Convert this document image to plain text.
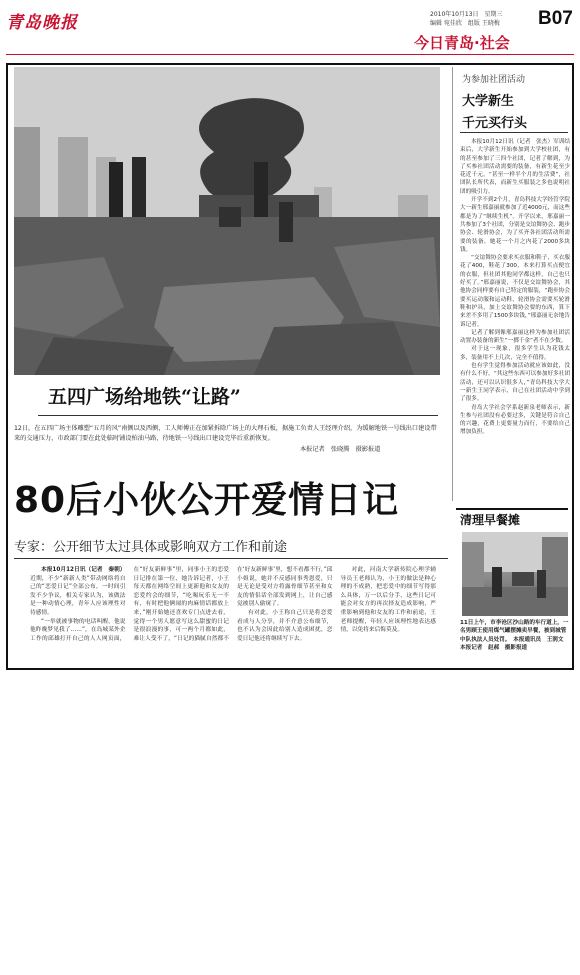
青岛晚报	2010年10月13日　星期三
编辑 宛佳欣　组版 王晓梅 B07
今日青岛·社会
五四广场给地铁“让路”
12日，在五四广场主体雕塑“五月的风”南侧以及西侧，工人师傅正在加紧拆除广场上的大理石板，据施工负责人王经理介绍，为缓解地铁一号线出口建设带来的交通压力，市政部门要在此处临时铺设柏油马路，待地铁一号线出口建设完毕后重新恢复。
本报记者　张晓腾　摄影报道
为参加社团活动
大学新生
千元买行头

本报10月12日讯（记者　张杰）军训结束后，大学新生开始参加到大学校社团，有的甚至参加了三四个社团，记者了解到，为了买参社团活动需要的装备，有新生花至少花近千元，“甚至一样半个月的生活费”，社团队长所代表，而新生买服装之多也说明社团的吸引力。

开学不到2个月，青岛科技大学经管学院大一新生邢嘉丽就参加了近4000元，而这些都是为了“继续生机”。开学以来，邢嘉丽一共参加了3个社团，分别是交谊舞协会、跑步协会、轮滑协会，为了买齐各社团活动所需要的装备，她花一个月之内花了2000多块钱。

“交谊舞协会要求买衣服和鞋子，买衣服花了400，鞋花了300，本来打算买点便宜的衣服，但社团其他同学都这样，自己也只好买了。”邢嘉丽说，不仅是交谊舞协会，其他协会同样要有自己特定的服装，“跑步协会要买运动服和运动鞋，轮滑协会需要买轮滑鞋和护具，加上交谊舞协会要的东西，算下来差不多用了1500多块钱，”邢嘉丽无奈地告诉记者。

记者了解到像邢嘉丽这样为参加社团活动置办装备的新生“一掷千金”者不在少数。

对于这一现象，很多学生认为花钱太多，装备用不上几次，完全不值得。

也有学生觉得参加活动就应该如此，没有什么不好。“其这些东西可以参加好多社团活动，还可以认识很多人，”青岛科技大学大一新生王同学表示，自己在社团活动中学到了很多。

青岛大学社会学系赵新泉老师表示，新生参与社团没有必要过多，关键是符合自己的兴趣，花费上更要量力而行，不要给自己增加负担。

80后小伙公开爱情日记
专家：公开细节太过具体或影响双方工作和前途

本报10月12日讯（记者　秦朝）近期，不少“新新人类”带动网络将自己的“恋爱日记”全部公布，一时间引发不少争议，相关专家认为，该做法是一种动情心理，青年人应该理性对待感情。

“一举就被事物的电话叫醒，他说他昨晚梦见我了……”，在岛城某外企工作的邱雄打开自己的人人网页面，在“好友新鲜事”里，同事小王的恋爱日记排在第一位，她告诉记者，小王每天都在网络空间上更新他和女友的恋爱约会的细节，“吃喝玩乐无一不有，有时把他俩闹的肉麻情话都放上来，”刚开始她还喜欢专门点进去看，觉得一个男人愿意写这么甜蜜的日记是很浪漫的事，可一两个月都如此，难让人受不了，“日记的猫腻自然都不在‘好友新鲜事’里，想不看都不行，”邱小姐说，她并不反感同事秀恩爱，只是无论是受对方将露骨细节甚至和女友的情侣话全部发到网上，让自己感觉被别人偷窥了。

有对此，小王称自己只是将恋爱看成与人分享，并不介意公布细节，也不认为会因此给别人造成困扰，恋爱日记他还将继续写下去。

对此，河南大学新传院心理学辅导员王老师认为，小王的做法是种心理的不成熟，把恋爱中的细节写得那么具体，万一以后分手，这些日记可能会对女方的再次择友造成影响，严重影响到他和女友的工作和前途，王老师提醒，年轻人应该理性地表达感情，以免将来后悔莫及。

清理早餐摊
11日上午，市李沧区沙山路的车行道上，一名男顾王使用煤气罐摆摊卖早餐，被到城管中队执法人员处罚。　本报通讯员　王润文　本报记者　赵郝　摄影报道
